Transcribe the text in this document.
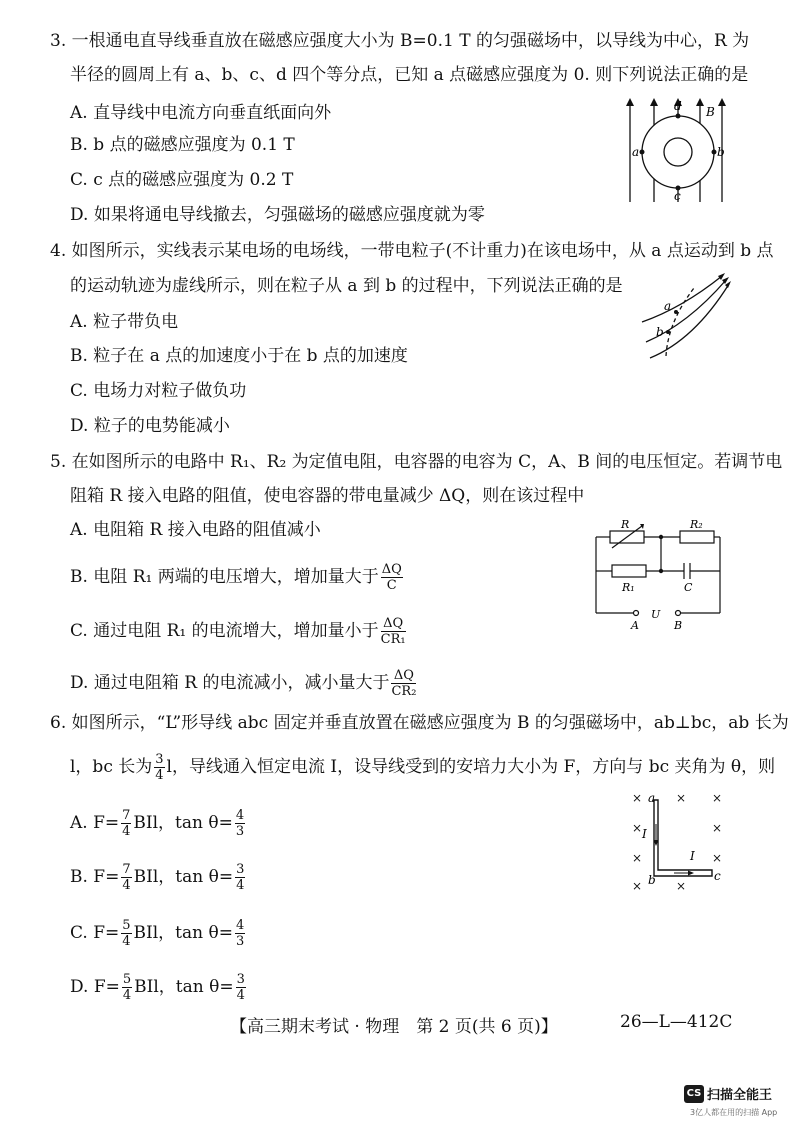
3. 一根通电直导线垂直放在磁感应强度大小为 B=0.1 T 的匀强磁场中，以导线为中心，R 为
半径的圆周上有 a、b、c、d 四个等分点，已知 a 点磁感应强度为 0. 则下列说法正确的是
A. 直导线中电流方向垂直纸面向外
B. b 点的磁感应强度为 0.1 T
C. c 点的磁感应强度为 0.2 T
D. 如果将通电导线撤去，匀强磁场的磁感应强度就为零
a	b
c
d B
4. 如图所示，实线表示某电场的电场线，一带电粒子(不计重力)在该电场中，从 a 点运动到 b 点
的运动轨迹为虚线所示，则在粒子从 a 到 b 的过程中，下列说法正确的是
A. 粒子带负电
B. 粒子在 a 点的加速度小于在 b 点的加速度
C. 电场力对粒子做负功
D. 粒子的电势能减小
a
b
5. 在如图所示的电路中 R₁、R₂ 为定值电阻，电容器的电容为 C，A、B 间的电压恒定。若调节电
阻箱 R 接入电路的阻值，使电容器的带电量减少 ΔQ，则在该过程中
A. 电阻箱 R 接入电路的阻值减小
B. 电阻 R₁ 两端的电压增大，增加量大于 $\frac{\Delta Q}{C}$
C. 通过电阻 R₁ 的电流增大，增加量小于 $\frac{\Delta Q}{\text{CR₁}}$
D. 通过电阻箱 R 的电流减小，减小量大于 $\frac{\Delta Q}{\text{CR₂}}$
R	R₂
R₁	C
U
A	B
6. 如图所示，“L”形导线 abc 固定并垂直放置在磁感应强度为 B 的匀强磁场中，ab⊥bc，ab 长为
l，bc 长为 $\frac{3}{4}$ l，导线通入恒定电流 I，设导线受到的安培力大小为 F，方向与 bc 夹角为 θ，则
A. $F= \frac{7}{4}$ BIl，$\tan \theta= \frac{4}{3}$
B. $F= \frac{7}{4}$ BIl，$\tan \theta= \frac{3}{4}$
C. $F= \frac{5}{4}$ BIl，$\tan \theta= \frac{4}{3}$
D. $F= \frac{5}{4}$ BIl，$\tan \theta= \frac{3}{4}$
×	× ×
×	×
×	×
×	×
a
b	c
I
I
【高三期末考试 · 物理　第 2 页(共 6 页)】	26—L—412C
CS 扫描全能王
3亿人都在用的扫描 App
